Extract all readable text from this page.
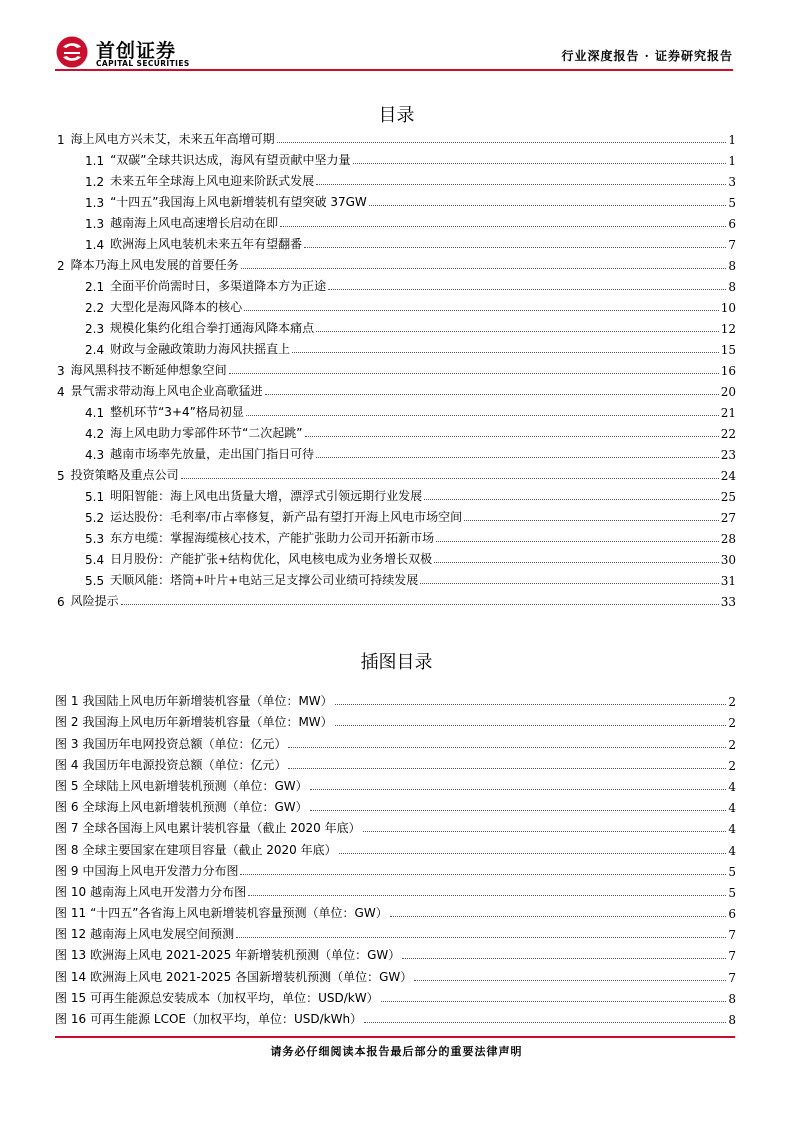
首创证券
CAPITAL SECURITIES
行业深度报告 · 证券研究报告
目录
1 海上风电方兴未艾，未来五年高增可期	1
1.1 “双碳”全球共识达成，海风有望贡献中坚力量	1
1.2 未来五年全球海上风电迎来阶跃式发展	3
1.3 “十四五”我国海上风电新增装机有望突破 37GW	5
1.3 越南海上风电高速增长启动在即	6
1.4 欧洲海上风电装机未来五年有望翻番	7
2 降本乃海上风电发展的首要任务	8
2.1 全面平价尚需时日，多渠道降本方为正途	8
2.2 大型化是海风降本的核心	10
2.3 规模化集约化组合拳打通海风降本痛点	12
2.4 财政与金融政策助力海风扶摇直上	15
3 海风黑科技不断延伸想象空间	16
4 景气需求带动海上风电企业高歌猛进	20
4.1 整机环节“3+4”格局初显	21
4.2 海上风电助力零部件环节“二次起跳”	22
4.3 越南市场率先放量，走出国门指日可待	23
5 投资策略及重点公司	24
5.1 明阳智能：海上风电出货量大增，漂浮式引领远期行业发展	25
5.2 运达股份：毛利率/市占率修复，新产品有望打开海上风电市场空间	27
5.3 东方电缆：掌握海缆核心技术，产能扩张助力公司开拓新市场	28
5.4 日月股份：产能扩张+结构优化，风电核电成为业务增长双极	30
5.5 天顺风能：塔筒+叶片+电站三足支撑公司业绩可持续发展	31
6 风险提示	33
插图目录
图 1 我国陆上风电历年新增装机容量（单位：MW）	2
图 2 我国海上风电历年新增装机容量（单位：MW）	2
图 3 我国历年电网投资总额（单位：亿元）	2
图 4 我国历年电源投资总额（单位：亿元）	2
图 5 全球陆上风电新增装机预测（单位：GW）	4
图 6 全球海上风电新增装机预测（单位：GW）	4
图 7 全球各国海上风电累计装机容量（截止 2020 年底）	4
图 8 全球主要国家在建项目容量（截止 2020 年底）	4
图 9 中国海上风电开发潜力分布图	5
图 10 越南海上风电开发潜力分布图	5
图 11 “十四五”各省海上风电新增装机容量预测（单位：GW）	6
图 12 越南海上风电发展空间预测	7
图 13 欧洲海上风电 2021-2025 年新增装机预测（单位：GW）	7
图 14 欧洲海上风电 2021-2025 各国新增装机预测（单位：GW）	7
图 15 可再生能源总安装成本（加权平均，单位：USD/kW）	8
图 16 可再生能源 LCOE（加权平均，单位：USD/kWh）	8
请务必仔细阅读本报告最后部分的重要法律声明
